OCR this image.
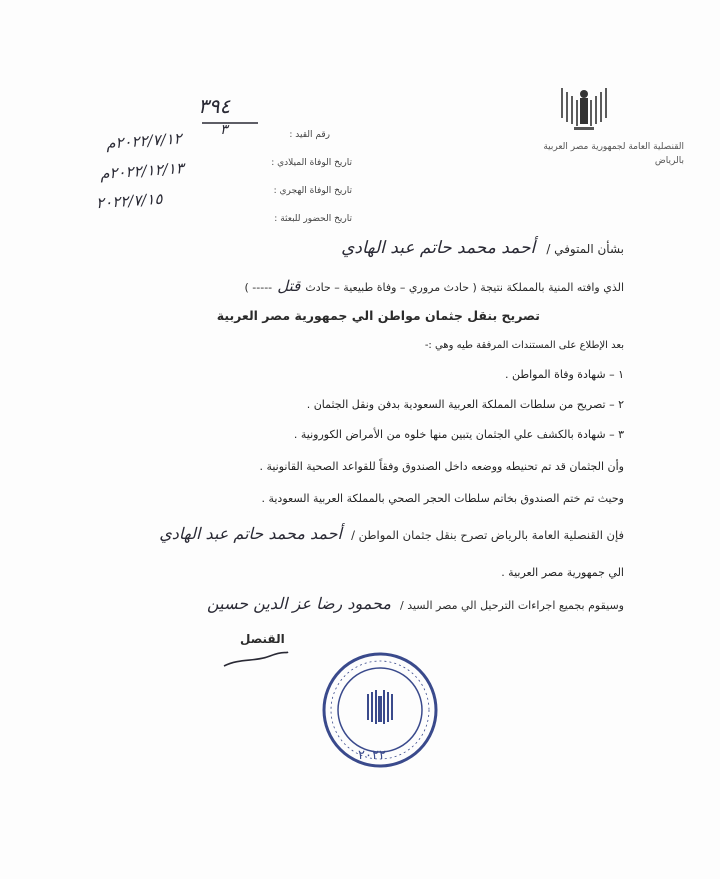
القنصلية العامة لجمهورية مصر العربية
بالرياض
رقم القيد :
٣٩٤
٣
تاريخ الوفاة الميلادي :
٢٠٢٢/٧/١٢م
تاريخ الوفاة الهجري :
٢٠٢٢/١٢/١٣م
تاريخ الحضور للبعثة :
٢٠٢٢/٧/١٥
بشأن المتوفي / أحمد محمد حاتم عبد الهادي
الذي وافته المنية بالمملكة نتيجة ( حادث مروري – وفاة طبيعية – حادث قتل ----- )
تصريح بنقل جثمان مواطن الي جمهورية مصر العربية
بعد الإطلاع على المستندات المرفقة طيه وهي :-
١ – شهادة وفاة المواطن .
٢ – تصريح من سلطات المملكة العربية السعودية بدفن ونقل الجثمان .
٣ – شهادة بالكشف علي الجثمان يتبين منها خلوه من الأمراض الكورونية .
وأن الجثمان قد تم تحنيطه ووضعه داخل الصندوق وفقاً للقواعد الصحية القانونية .
وحيث تم ختم الصندوق بخاتم سلطات الحجر الصحي بالمملكة العربية السعودية .
فإن القنصلية العامة بالرياض تصرح بنقل جثمان المواطن / أحمد محمد حاتم عبد الهادي
الي جمهورية مصر العربية .
وسيقوم بجميع اجراءات الترحيل الي مصر السيد / محمود رضا عز الدين حسين
القنصل
٢٠٢٢
